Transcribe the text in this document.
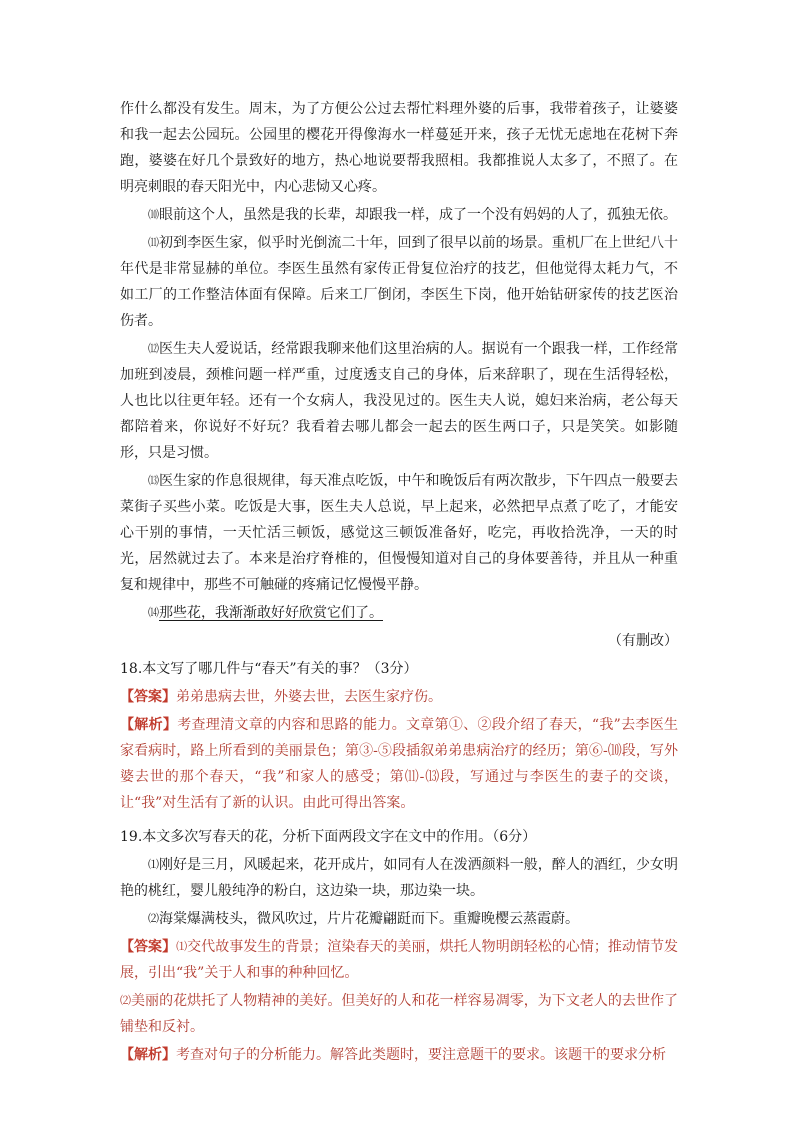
作什么都没有发生。周末，为了方便公公过去帮忙料理外婆的后事，我带着孩子，让婆婆和我一起去公园玩。公园里的樱花开得像海水一样蔓延开来，孩子无忧无虑地在花树下奔跑，婆婆在好几个景致好的地方，热心地说要帮我照相。我都推说人太多了，不照了。在明亮刺眼的春天阳光中，内心悲恸又心疼。

⑽眼前这个人，虽然是我的长辈，却跟我一样，成了一个没有妈妈的人了，孤独无依。

⑾初到李医生家，似乎时光倒流二十年，回到了很早以前的场景。重机厂在上世纪八十年代是非常显赫的单位。李医生虽然有家传正骨复位治疗的技艺，但他觉得太耗力气，不如工厂的工作整洁体面有保障。后来工厂倒闭，李医生下岗，他开始钻研家传的技艺医治伤者。

⑿医生夫人爱说话，经常跟我聊来他们这里治病的人。据说有一个跟我一样，工作经常加班到凌晨，颈椎问题一样严重，过度透支自己的身体，后来辞职了，现在生活得轻松，人也比以往更年轻。还有一个女病人，我没见过的。医生夫人说，媳妇来治病，老公每天都陪着来，你说好不好玩？我看着去哪儿都会一起去的医生两口子，只是笑笑。如影随形，只是习惯。

⒀医生家的作息很规律，每天准点吃饭，中午和晚饭后有两次散步，下午四点一般要去菜街子买些小菜。吃饭是大事，医生夫人总说，早上起来，必然把早点煮了吃了，才能安心干别的事情，一天忙活三顿饭，感觉这三顿饭准备好，吃完，再收拾洗净，一天的时光，居然就过去了。本来是治疗脊椎的，但慢慢知道对自己的身体要善待，并且从一种重复和规律中，那些不可触碰的疼痛记忆慢慢平静。

⒁那些花，我渐渐敢好好欣赏它们了。

（有删改）

18.本文写了哪几件与“春天”有关的事？（3分）

【答案】弟弟患病去世，外婆去世，去医生家疗伤。

【解析】考查理清文章的内容和思路的能力。文章第①、②段介绍了春天，“我”去李医生家看病时，路上所看到的美丽景色；第③-⑤段插叙弟弟患病治疗的经历；第⑥-⑽段，写外婆去世的那个春天，“我”和家人的感受；第⑾-⒀段，写通过与李医生的妻子的交谈，让“我”对生活有了新的认识。由此可得出答案。

19.本文多次写春天的花，分析下面两段文字在文中的作用。（6分）

⑴刚好是三月，风暖起来，花开成片，如同有人在泼洒颜料一般，醉人的酒红，少女明艳的桃红，婴儿般纯净的粉白，这边染一块，那边染一块。

⑵海棠爆满枝头，微风吹过，片片花瓣翩跹而下。重瓣晚樱云蒸霞蔚。

【答案】⑴交代故事发生的背景；渲染春天的美丽，烘托人物明朗轻松的心情；推动情节发展，引出“我”关于人和事的种种回忆。

⑵美丽的花烘托了人物精神的美好。但美好的人和花一样容易凋零，为下文老人的去世作了铺垫和反衬。

【解析】考查对句子的分析能力。解答此类题时，要注意题干的要求。该题干的要求分析
